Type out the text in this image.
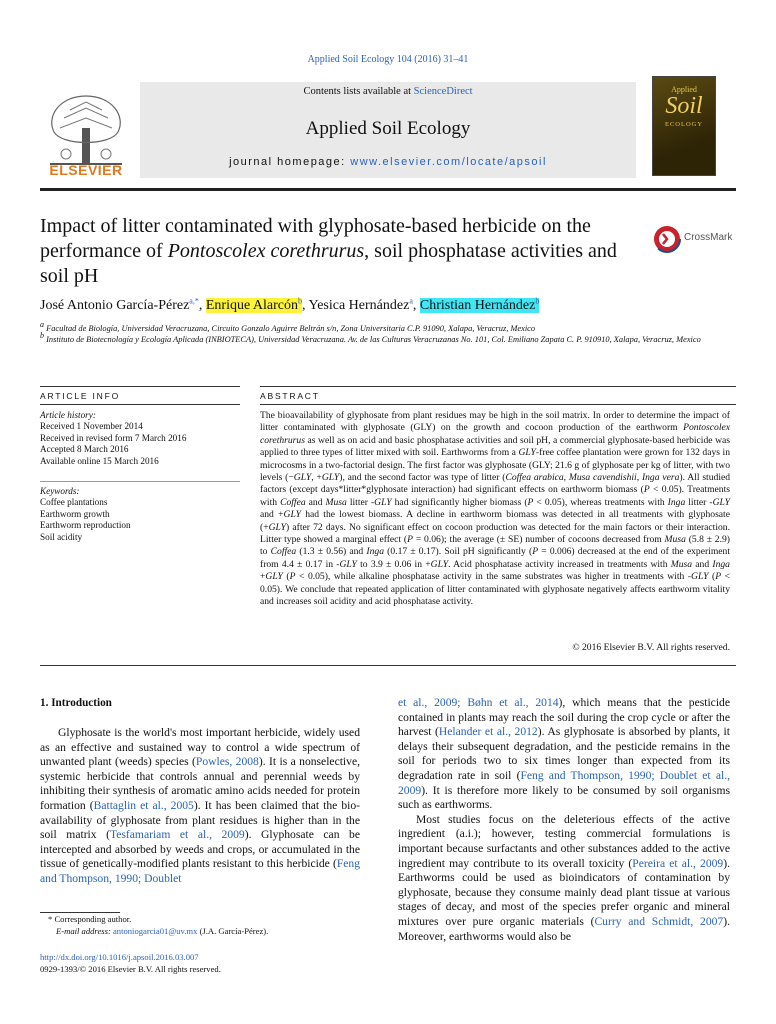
Applied Soil Ecology 104 (2016) 31–41
ELSEVIER
Contents lists available at ScienceDirect
Applied Soil Ecology
journal homepage: www.elsevier.com/locate/apsoil
Applied
Soil
ECOLOGY
Impact of litter contaminated with glyphosate-based herbicide on the performance of Pontoscolex corethrurus, soil phosphatase activities and soil pH
CrossMark
José Antonio García-Pérez$^{a,*}$, Enrique Alarcón$^b$, Yesica Hernández$^a$, Christian Hernández$^b$
$^a$ Facultad de Biología, Universidad Veracruzana, Circuito Gonzalo Aguirre Beltrán s/n, Zona Universitaria C.P. 91090, Xalapa, Veracruz, Mexico
$^b$ Instituto de Biotecnología y Ecología Aplicada (INBIOTECA), Universidad Veracruzana. Av. de las Culturas Veracruzanas No. 101, Col. Emiliano Zapata C. P. 910910, Xalapa, Veracruz, Mexico
ARTICLE INFO
Article history:
Received 1 November 2014
Received in revised form 7 March 2016
Accepted 8 March 2016
Available online 15 March 2016
Keywords:
Coffee plantations
Earthworm growth
Earthworm reproduction
Soil acidity
ABSTRACT
The bioavailability of glyphosate from plant residues may be high in the soil matrix. In order to determine the impact of litter contaminated with glyphosate (GLY) on the growth and cocoon production of the earthworm Pontoscolex corethrurus as well as on acid and basic phosphatase activities and soil pH, a commercial glyphosate-based herbicide was applied to three types of litter mixed with soil. Earthworms from a GLY-free coffee plantation were grown for 132 days in microcosms in a two-factorial design. The first factor was glyphosate (GLY; 21.6 g of glyphosate per kg of litter, with two levels (−GLY, +GLY), and the second factor was type of litter (Coffea arabica, Musa cavendishii, Inga vera). All studied factors (except days*litter*glyphosate interaction) had significant effects on earthworm biomass (P < 0.05). Treatments with Coffea and Musa litter -GLY had significantly higher biomass (P < 0.05), whereas treatments with Inga litter -GLY and +GLY had the lowest biomass. A decline in earthworm biomass was detected in all treatments with glyphosate (+GLY) after 72 days. No significant effect on cocoon production was detected for the main factors or their interaction. Litter type showed a marginal effect (P = 0.06); the average (± SE) number of cocoons decreased from Musa (5.8 ± 2.9) to Coffea (1.3 ± 0.56) and Inga (0.17 ± 0.17). Soil pH significantly (P = 0.006) decreased at the end of the experiment from 4.4 ± 0.17 in -GLY to 3.9 ± 0.06 in +GLY. Acid phosphatase activity increased in treatments with Musa and Inga +GLY (P < 0.05), while alkaline phosphatase activity in the same substrates was higher in treatments with -GLY (P < 0.05). We conclude that repeated application of litter contaminated with glyphosate negatively affects earthworm vitality and increases soil acidity and acid phosphatase activity.
© 2016 Elsevier B.V. All rights reserved.
1. Introduction

Glyphosate is the world's most important herbicide, widely used as an effective and sustained way to control a wide spectrum of unwanted plant (weeds) species (Powles, 2008). It is a nonselective, systemic herbicide that controls annual and perennial weeds by inhibiting their synthesis of aromatic amino acids needed for protein formation (Battaglin et al., 2005). It has been claimed that the bio-availability of glyphosate from plant residues is higher than in the soil matrix (Tesfamariam et al., 2009). Glyphosate can be intercepted and absorbed by weeds and crops, or accumulated in the tissue of genetically-modified plants resistant to this herbicide (Feng and Thompson, 1990; Doublet

et al., 2009; Bøhn et al., 2014), which means that the pesticide contained in plants may reach the soil during the crop cycle or after the harvest (Helander et al., 2012). As glyphosate is absorbed by plants, it delays their subsequent degradation, and the pesticide remains in the soil for periods two to six times longer than expected from its degradation rate in soil (Feng and Thompson, 1990; Doublet et al., 2009). It is therefore more likely to be consumed by soil organisms such as earthworms.

Most studies focus on the deleterious effects of the active ingredient (a.i.); however, testing commercial formulations is important because surfactants and other substances added to the active ingredient may contribute to its overall toxicity (Pereira et al., 2009). Earthworms could be used as bioindicators of contamination by glyphosate, because they consume mainly dead plant tissue at various stages of decay, and most of the species prefer organic and mineral mixtures over pure organic materials (Curry and Schmidt, 2007). Moreover, earthworms would also be

* Corresponding author.
E-mail address: antoniogarcia01@uv.mx (J.A. García-Pérez).
http://dx.doi.org/10.1016/j.apsoil.2016.03.007
0929-1393/© 2016 Elsevier B.V. All rights reserved.
